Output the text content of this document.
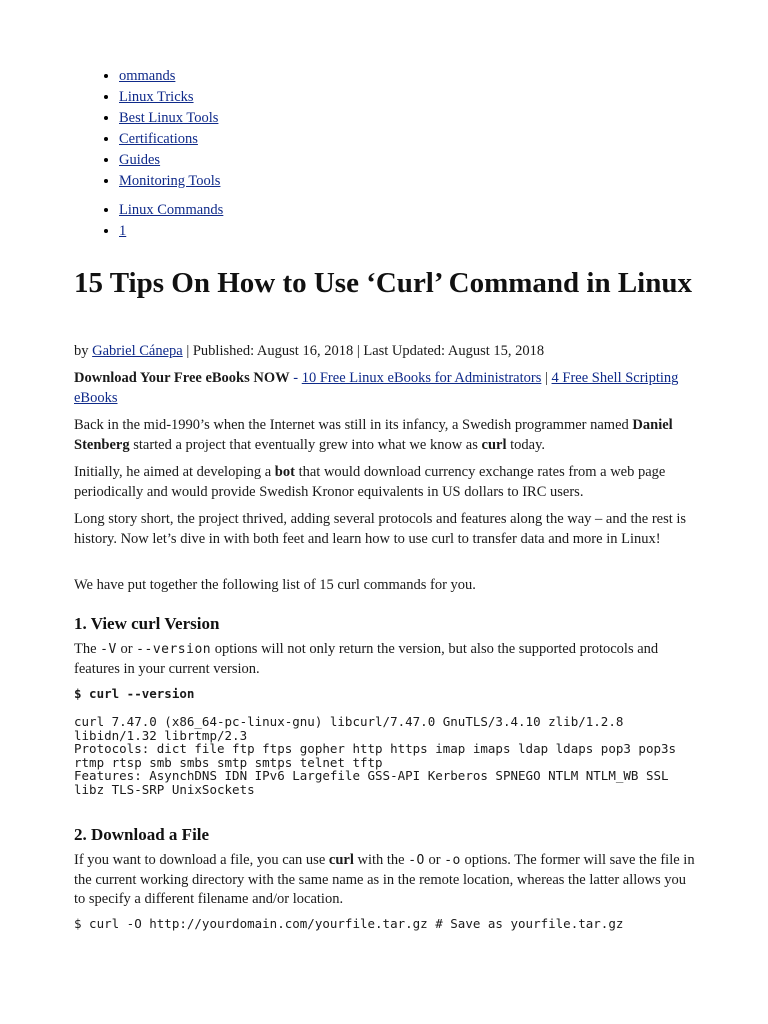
• ommands
• Linux Tricks
• Best Linux Tools
• Certifications
• Guides
• Monitoring Tools
• Linux Commands
• 1
15 Tips On How to Use ‘Curl’ Command in Linux
by Gabriel Cánepa | Published: August 16, 2018 | Last Updated: August 15, 2018
Download Your Free eBooks NOW - 10 Free Linux eBooks for Administrators | 4 Free Shell Scripting eBooks

Back in the mid-1990’s when the Internet was still in its infancy, a Swedish programmer named Daniel Stenberg started a project that eventually grew into what we know as curl today.

Initially, he aimed at developing a bot that would download currency exchange rates from a web page periodically and would provide Swedish Kronor equivalents in US dollars to IRC users.

Long story short, the project thrived, adding several protocols and features along the way – and the rest is history. Now let’s dive in with both feet and learn how to use curl to transfer data and more in Linux!

We have put together the following list of 15 curl commands for you.

1. View curl Version

The -V or --version options will not only return the version, but also the supported protocols and features in your current version.

$ curl --version
curl 7.47.0 (x86_64-pc-linux-gnu) libcurl/7.47.0 GnuTLS/3.4.10 zlib/1.2.8
libidn/1.32 librtmp/2.3
Protocols: dict file ftp ftps gopher http https imap imaps ldap ldaps pop3 pop3s
rtmp rtsp smb smbs smtp smtps telnet tftp
Features: AsynchDNS IDN IPv6 Largefile GSS-API Kerberos SPNEGO NTLM NTLM_WB SSL
libz TLS-SRP UnixSockets
2. Download a File

If you want to download a file, you can use curl with the -O or -o options. The former will save the file in the current working directory with the same name as in the remote location, whereas the latter allows you to specify a different filename and/or location.

$ curl -O http://yourdomain.com/yourfile.tar.gz # Save as yourfile.tar.gz
